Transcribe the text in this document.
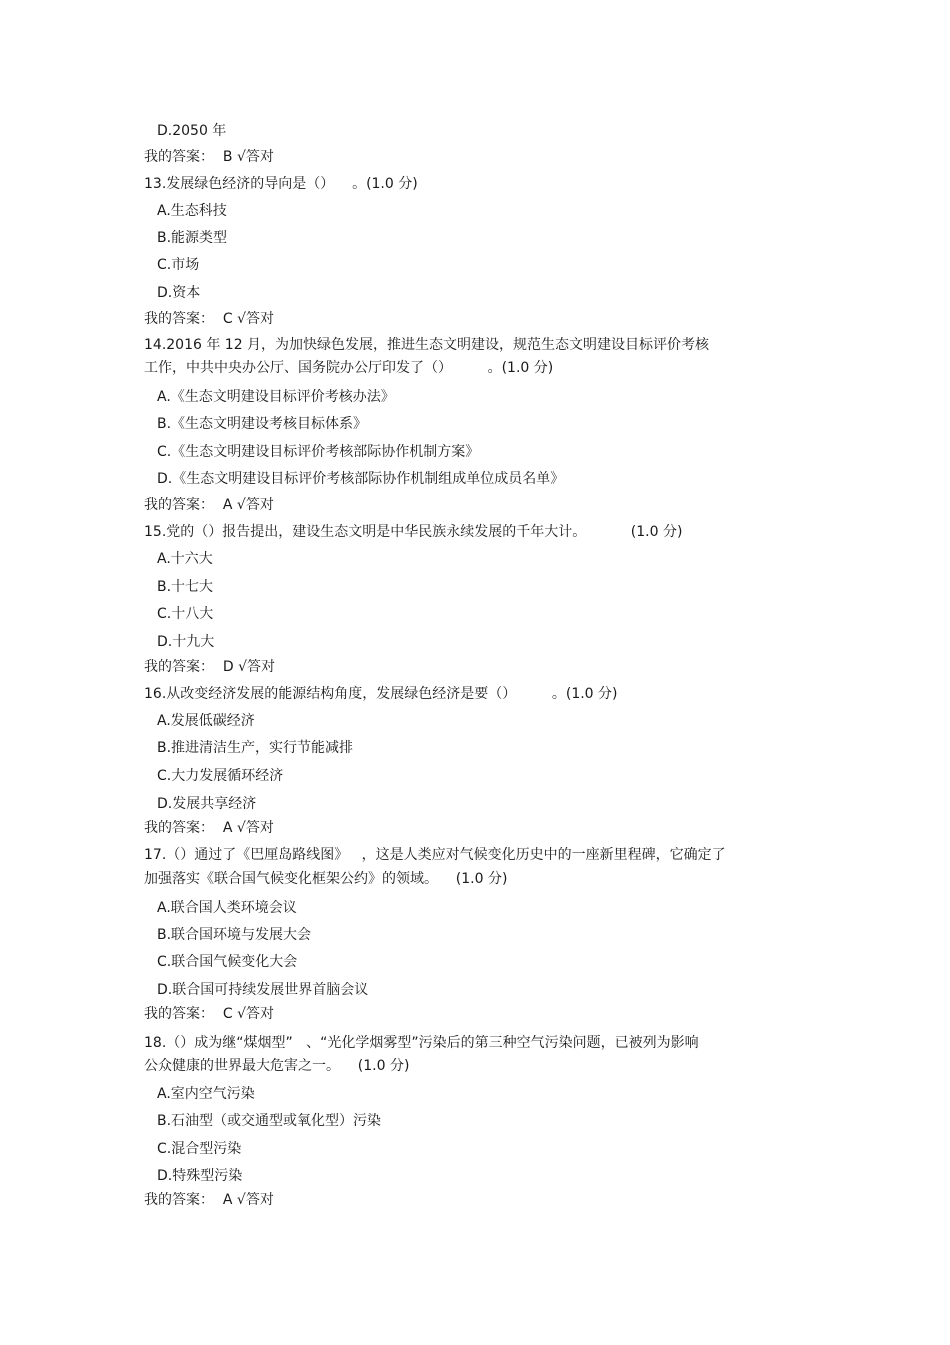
D.2050 年
我的答案：  B √答对
13.发展绿色经济的导向是（）    。(1.0 分)
A.生态科技
B.能源类型
C.市场
D.资本
我的答案：  C √答对
14.2016 年 12 月，为加快绿色发展，推进生态文明建设，规范生态文明建设目标评价考核
工作，中共中央办公厅、国务院办公厅印发了（）        。(1.0 分)
A.《生态文明建设目标评价考核办法》
B.《生态文明建设考核目标体系》
C.《生态文明建设目标评价考核部际协作机制方案》
D.《生态文明建设目标评价考核部际协作机制组成单位成员名单》
我的答案：  A √答对
15.党的（）报告提出，建设生态文明是中华民族永续发展的千年大计。          (1.0 分)
A.十六大
B.十七大
C.十八大
D.十九大
我的答案：  D √答对
16.从改变经济发展的能源结构角度，发展绿色经济是要（）        。(1.0 分)
A.发展低碳经济
B.推进清洁生产，实行节能减排
C.大力发展循环经济
D.发展共享经济
我的答案：  A √答对
17.（）通过了《巴厘岛路线图》   ，这是人类应对气候变化历史中的一座新里程碑，它确定了
加强落实《联合国气候变化框架公约》的领域。    (1.0 分)
A.联合国人类环境会议
B.联合国环境与发展大会
C.联合国气候变化大会
D.联合国可持续发展世界首脑会议
我的答案：  C √答对
18.（）成为继“煤烟型”   、“光化学烟雾型”污染后的第三种空气污染问题，已被列为影响
公众健康的世界最大危害之一。    (1.0 分)
A.室内空气污染
B.石油型（或交通型或氧化型）污染
C.混合型污染
D.特殊型污染
我的答案：  A √答对
